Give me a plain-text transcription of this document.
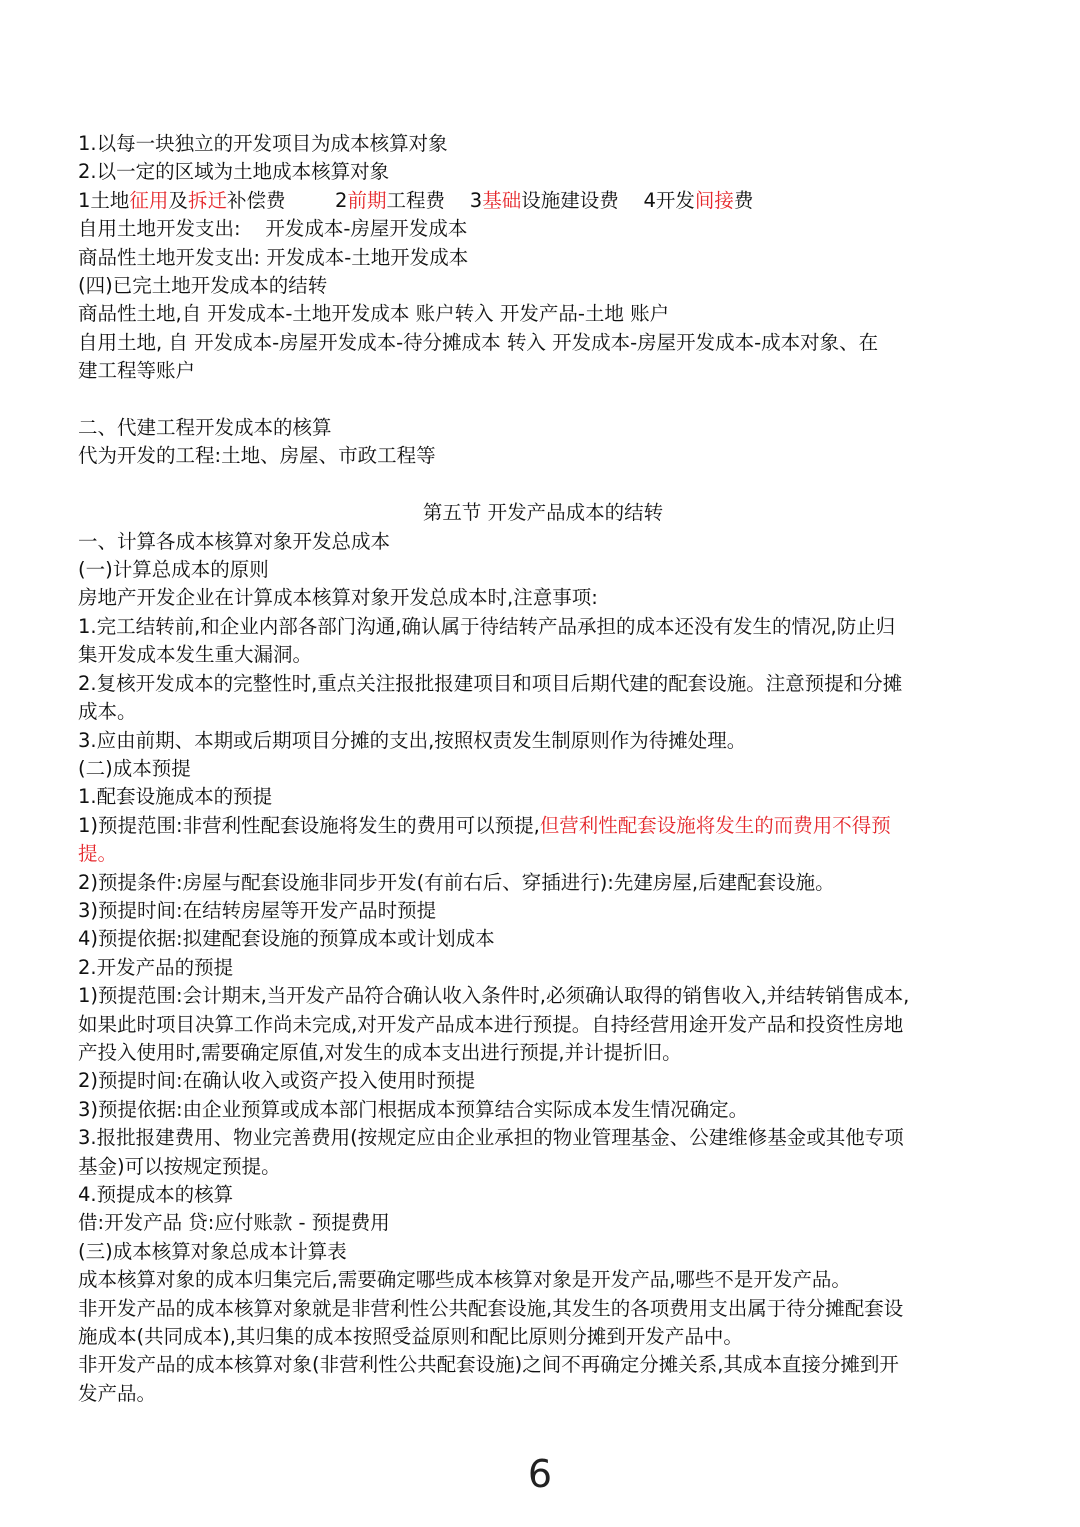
1.以每一块独立的开发项目为成本核算对象
2.以一定的区域为土地成本核算对象
1土地征用及拆迁补偿费        2前期工程费    3基础设施建设费    4开发间接费
自用土地开发支出:    开发成本-房屋开发成本
商品性土地开发支出: 开发成本-土地开发成本
(四)已完土地开发成本的结转
商品性土地,自 开发成本-土地开发成本 账户转入 开发产品-土地 账户
自用土地, 自 开发成本-房屋开发成本-待分摊成本 转入 开发成本-房屋开发成本-成本对象、在
建工程等账户
二、代建工程开发成本的核算
代为开发的工程:土地、房屋、市政工程等
第五节 开发产品成本的结转
一、计算各成本核算对象开发总成本
(一)计算总成本的原则
房地产开发企业在计算成本核算对象开发总成本时,注意事项:
1.完工结转前,和企业内部各部门沟通,确认属于待结转产品承担的成本还没有发生的情况,防止归
集开发成本发生重大漏洞。
2.复核开发成本的完整性时,重点关注报批报建项目和项目后期代建的配套设施。注意预提和分摊
成本。
3.应由前期、本期或后期项目分摊的支出,按照权责发生制原则作为待摊处理。
(二)成本预提
1.配套设施成本的预提
1)预提范围:非营利性配套设施将发生的费用可以预提,但营利性配套设施将发生的而费用不得预
提。
2)预提条件:房屋与配套设施非同步开发(有前右后、穿插进行):先建房屋,后建配套设施。
3)预提时间:在结转房屋等开发产品时预提
4)预提依据:拟建配套设施的预算成本或计划成本
2.开发产品的预提
1)预提范围:会计期末,当开发产品符合确认收入条件时,必须确认取得的销售收入,并结转销售成本,
如果此时项目决算工作尚未完成,对开发产品成本进行预提。自持经营用途开发产品和投资性房地
产投入使用时,需要确定原值,对发生的成本支出进行预提,并计提折旧。
2)预提时间:在确认收入或资产投入使用时预提
3)预提依据:由企业预算或成本部门根据成本预算结合实际成本发生情况确定。
3.报批报建费用、物业完善费用(按规定应由企业承担的物业管理基金、公建维修基金或其他专项
基金)可以按规定预提。
4.预提成本的核算
借:开发产品 贷:应付账款 - 预提费用
(三)成本核算对象总成本计算表
成本核算对象的成本归集完后,需要确定哪些成本核算对象是开发产品,哪些不是开发产品。
非开发产品的成本核算对象就是非营利性公共配套设施,其发生的各项费用支出属于待分摊配套设
施成本(共同成本),其归集的成本按照受益原则和配比原则分摊到开发产品中。
非开发产品的成本核算对象(非营利性公共配套设施)之间不再确定分摊关系,其成本直接分摊到开
发产品。
6
